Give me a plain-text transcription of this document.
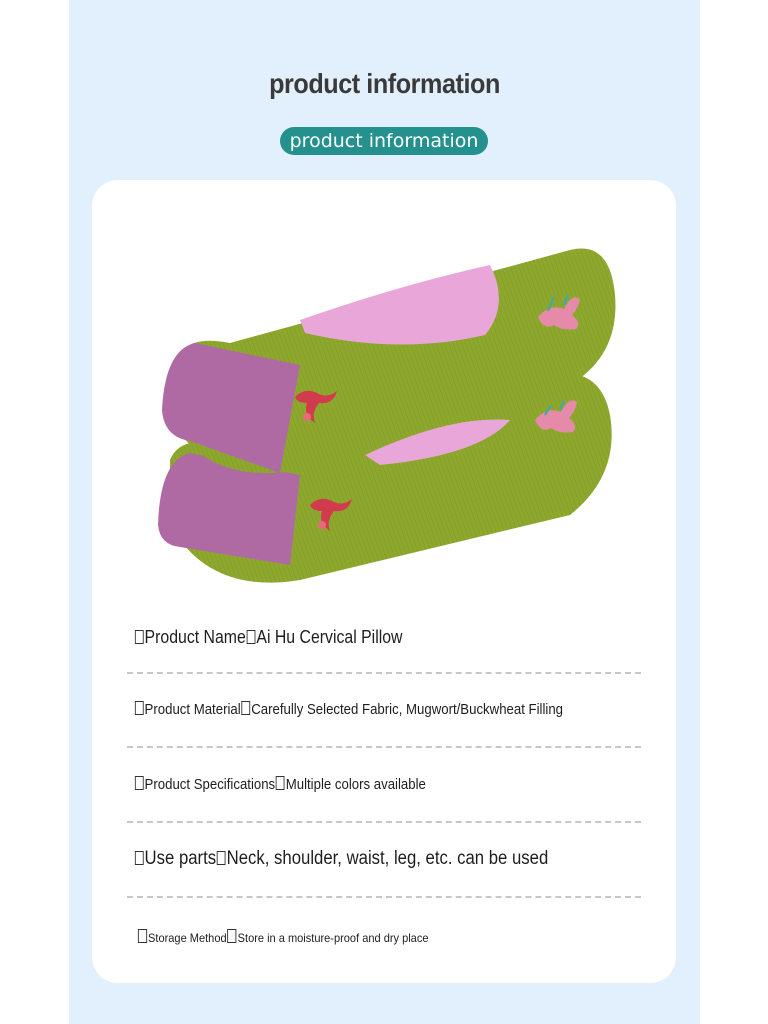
product information
product information
Product Name Ai Hu Cervical Pillow
Product Material Carefully Selected Fabric, Mugwort/Buckwheat Filling
Product Specifications Multiple colors available
Use parts Neck, shoulder, waist, leg, etc. can be used
Storage Method Store in a moisture-proof and dry place
